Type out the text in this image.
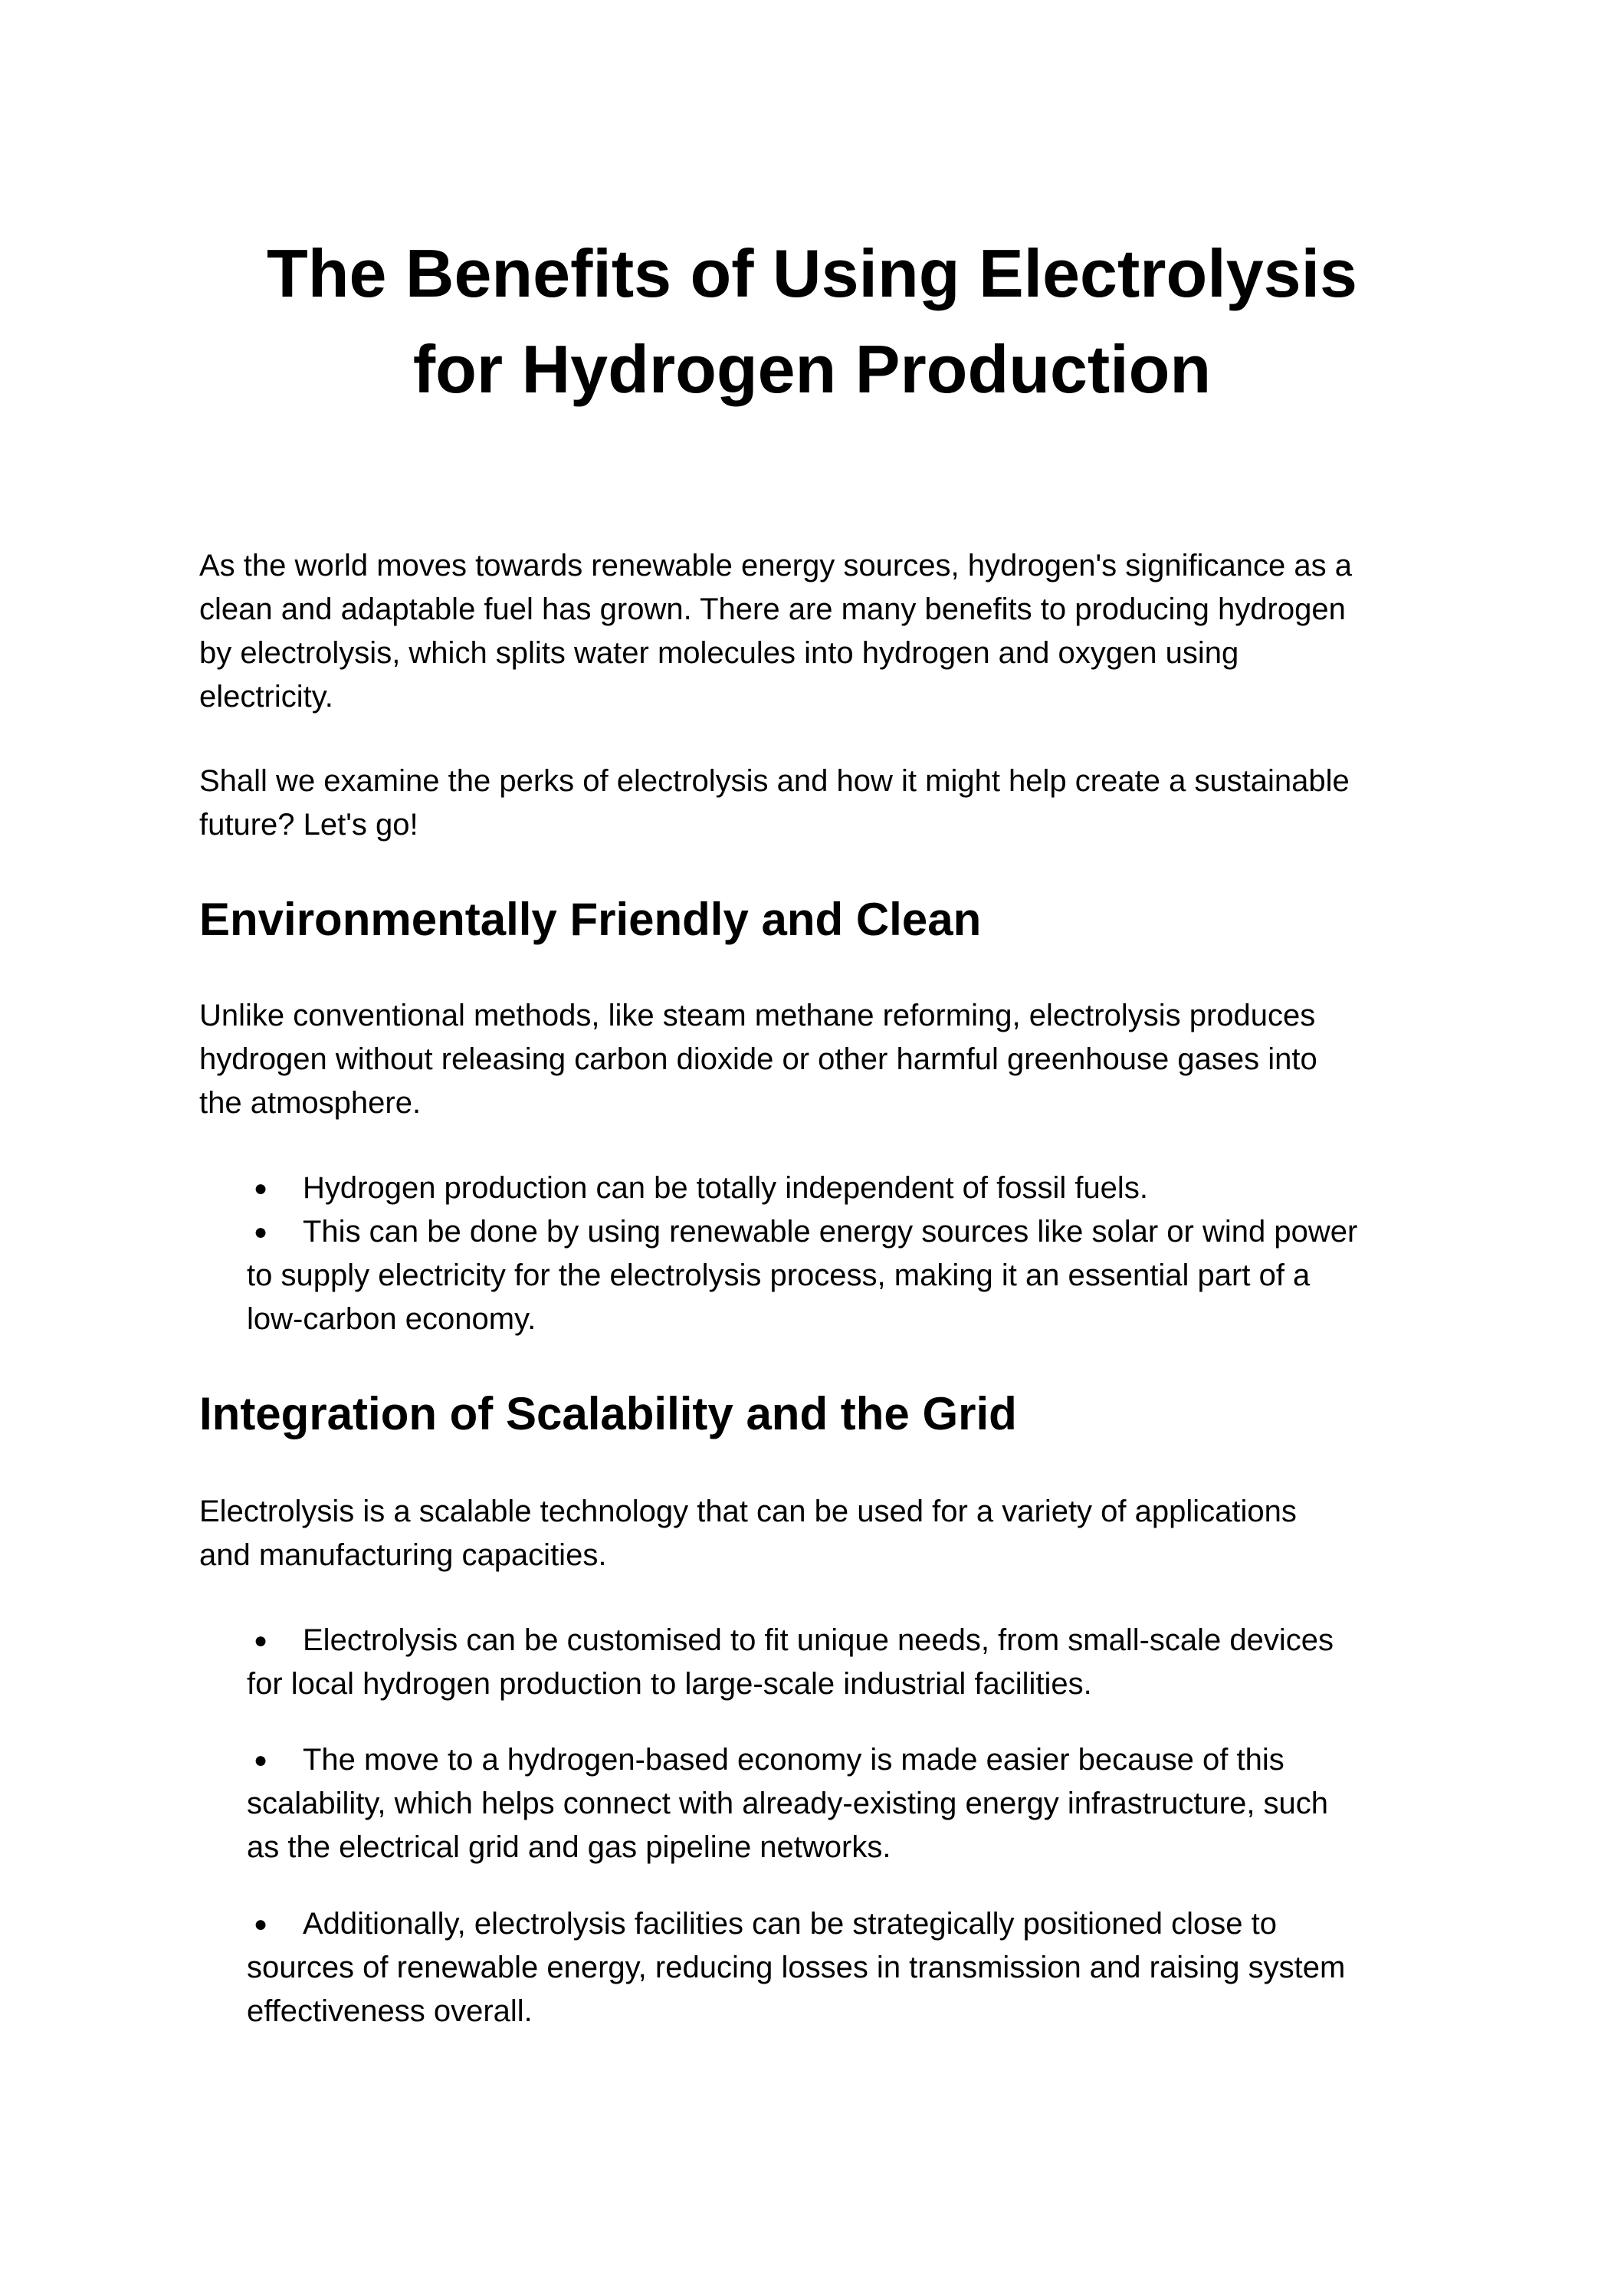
The Benefits of Using Electrolysis
for Hydrogen Production
As the world moves towards renewable energy sources, hydrogen's significance as a
clean and adaptable fuel has grown. There are many benefits to producing hydrogen
by electrolysis, which splits water molecules into hydrogen and oxygen using
electricity.
Shall we examine the perks of electrolysis and how it might help create a sustainable
future? Let's go!
Environmentally Friendly and Clean
Unlike conventional methods, like steam methane reforming, electrolysis produces
hydrogen without releasing carbon dioxide or other harmful greenhouse gases into
the atmosphere.
● Hydrogen production can be totally independent of fossil fuels.
● This can be done by using renewable energy sources like solar or wind power
to supply electricity for the electrolysis process, making it an essential part of a
low-carbon economy.
Integration of Scalability and the Grid
Electrolysis is a scalable technology that can be used for a variety of applications
and manufacturing capacities.
● Electrolysis can be customised to fit unique needs, from small-scale devices
for local hydrogen production to large-scale industrial facilities.
● The move to a hydrogen-based economy is made easier because of this
scalability, which helps connect with already-existing energy infrastructure, such
as the electrical grid and gas pipeline networks.
● Additionally, electrolysis facilities can be strategically positioned close to
sources of renewable energy, reducing losses in transmission and raising system
effectiveness overall.
